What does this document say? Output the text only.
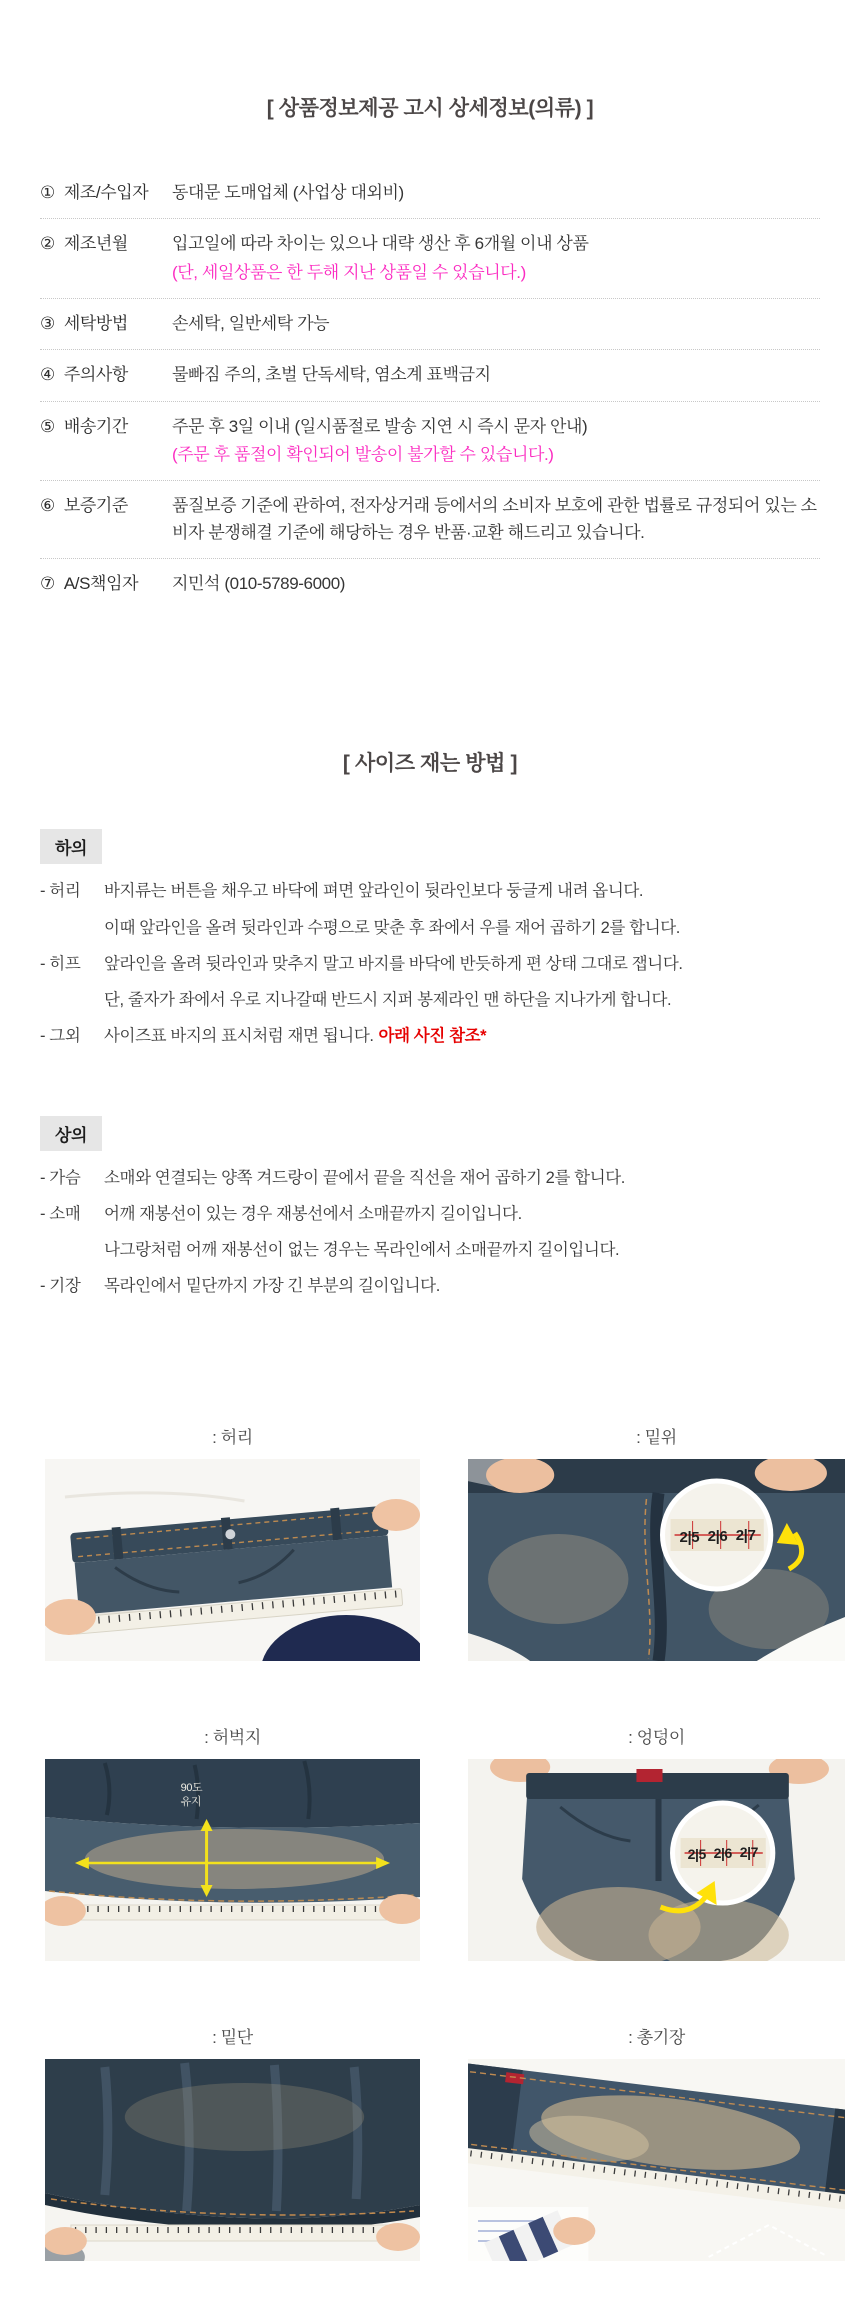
[ 상품정보제공 고시 상세정보(의류) ]
① 제조/수입자 동대문 도매업체 (사업상 대외비)
② 제조년월	입고일에 따라 차이는 있으나 대략 생산 후 6개월 이내 상품
(단, 세일상품은 한 두해 지난 상품일 수 있습니다.)
③ 세탁방법	손세탁, 일반세탁 가능
④ 주의사항	물빠짐 주의, 초벌 단독세탁, 염소계 표백금지
⑤ 배송기간	주문 후 3일 이내 (일시품절로 발송 지연 시 즉시 문자 안내)
(주문 후 품절이 확인되어 발송이 불가할 수 있습니다.)
⑥ 보증기준	품질보증 기준에 관하여, 전자상거래 등에서의 소비자 보호에 관한 법률로 규정되어 있는 소비자 분쟁해결 기준에 해당하는 경우 반품·교환 해드리고 있습니다.
⑦ A/S책임자 지민석 (010-5789-6000)
[ 사이즈 재는 방법 ]
하의
- 허리	바지류는 버튼을 채우고 바닥에 펴면 앞라인이 뒷라인보다 둥글게 내려 옵니다.
이때 앞라인을 올려 뒷라인과 수평으로 맞춘 후 좌에서 우를 재어 곱하기 2를 합니다.
- 히프	앞라인을 올려 뒷라인과 맞추지 말고 바지를 바닥에 반듯하게 편 상태 그대로 잽니다.
단, 줄자가 좌에서 우로 지나갈때 반드시 지퍼 봉제라인 맨 하단을 지나가게 합니다.
- 그외	사이즈표 바지의 표시처럼 재면 됩니다. 아래 사진 참조*
상의
- 가슴	소매와 연결되는 양쪽 겨드랑이 끝에서 끝을 직선을 재어 곱하기 2를 합니다.
- 소매	어깨 재봉선이 있는 경우 재봉선에서 소매끝까지 길이입니다.
나그랑처럼 어깨 재봉선이 없는 경우는 목라인에서 소매끝까지 길이입니다.
- 기장	목라인에서 밑단까지 가장 긴 부분의 길이입니다.
: 허리	: 밑위
2|5 2|6 2|7
: 허벅지
90도
유지
: 엉덩이
2|5 2|6 2|7
: 밑단	: 총기장
